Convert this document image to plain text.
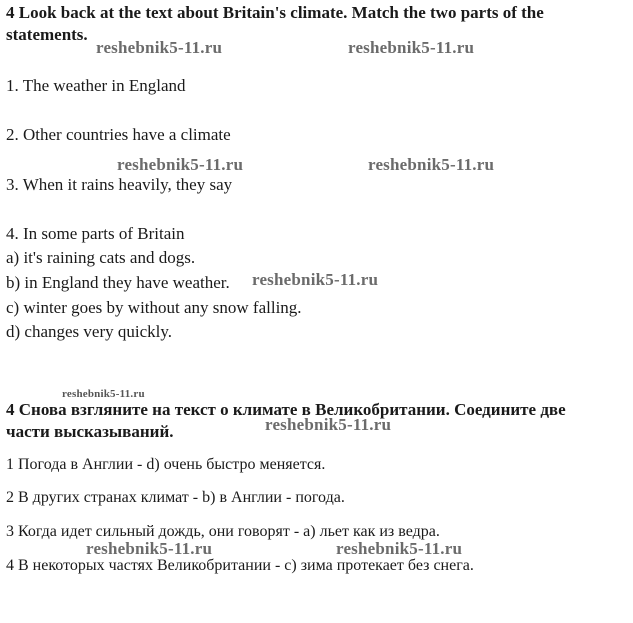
4 Look back at the text about Britain's climate. Match the two parts of the
statements.
1. The weather in England
2. Other countries have a climate
3. When it rains heavily, they say
4. In some parts of Britain
a) it's raining cats and dogs.
b) in England they have weather.
c) winter goes by without any snow falling.
d) changes very quickly.
4 Снова взгляните на текст о климате в Великобритании. Соедините две
части высказываний.
1 Погода в Англии - d) очень быстро меняется.
2 В других странах климат - b) в Англии - погода.
3 Когда идет сильный дождь, они говорят - a) льет как из ведра.
4 В некоторых частях Великобритании - c) зима протекает без снега.
reshebnik5-11.ru	reshebnik5-11.ru
reshebnik5-11.ru	reshebnik5-11.ru
reshebnik5-11.ru
reshebnik5-11.ru
reshebnik5-11.ru
reshebnik5-11.ru	reshebnik5-11.ru
